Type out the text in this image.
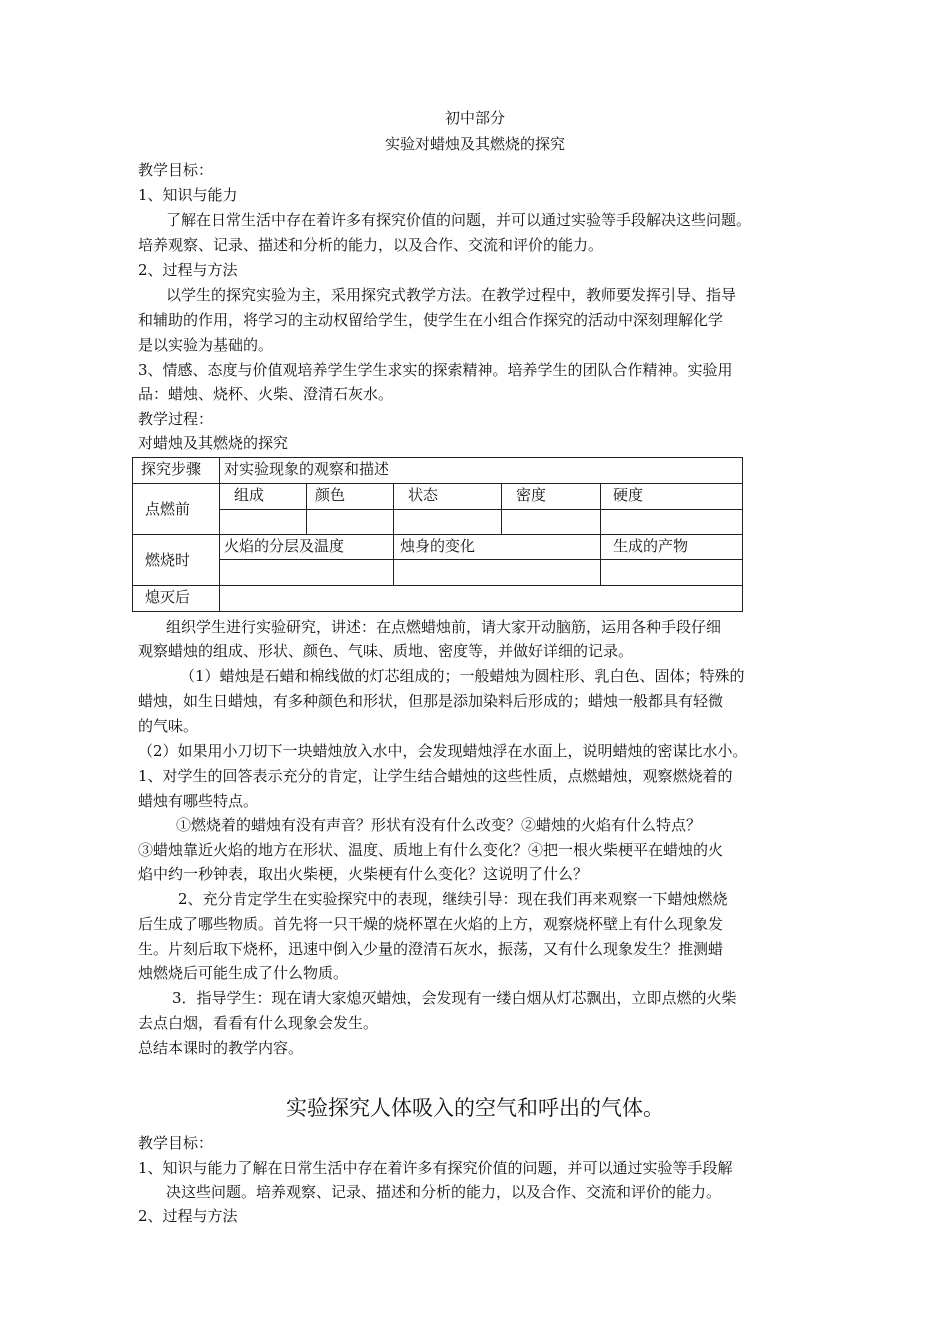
初中部分
实验对蜡烛及其燃烧的探究
教学目标：
1、知识与能力
了解在日常生活中存在着许多有探究价值的问题，并可以通过实验等手段解决这些问题。
培养观察、记录、描述和分析的能力，以及合作、交流和评价的能力。
2、过程与方法
以学生的探究实验为主，采用探究式教学方法。在教学过程中，教师要发挥引导、指导
和辅助的作用，将学习的主动权留给学生，使学生在小组合作探究的活动中深刻理解化学
是以实验为基础的。
3、情感、态度与价值观培养学生学生求实的探索精神。培养学生的团队合作精神。实验用
品：蜡烛、烧杯、火柴、澄清石灰水。
教学过程：
对蜡烛及其燃烧的探究
探究步骤	对实验现象的观察和描述				
点燃前	组成	颜色	状态	密度	硬度

燃烧时	火焰的分层及温度		烛身的变化		生成的产物

熄灭后					
组织学生进行实验研究，讲述：在点燃蜡烛前，请大家开动脑筋，运用各种手段仔细
观察蜡烛的组成、形状、颜色、气味、质地、密度等，并做好详细的记录。
（1）蜡烛是石蜡和棉线做的灯芯组成的；一般蜡烛为圆柱形、乳白色、固体；特殊的
蜡烛，如生日蜡烛，有多种颜色和形状，但那是添加染料后形成的；蜡烛一般都具有轻微
的气味。
（2）如果用小刀切下一块蜡烛放入水中，会发现蜡烛浮在水面上，说明蜡烛的密谋比水小。
1、对学生的回答表示充分的肯定，让学生结合蜡烛的这些性质，点燃蜡烛，观察燃烧着的
蜡烛有哪些特点。
①燃烧着的蜡烛有没有声音？形状有没有什么改变？②蜡烛的火焰有什么特点？
③蜡烛靠近火焰的地方在形状、温度、质地上有什么变化？④把一根火柴梗平在蜡烛的火
焰中约一秒钟表，取出火柴梗，火柴梗有什么变化？这说明了什么？
2、充分肯定学生在实验探究中的表现，继续引导：现在我们再来观察一下蜡烛燃烧
后生成了哪些物质。首先将一只干燥的烧杯罩在火焰的上方，观察烧杯壁上有什么现象发
生。片刻后取下烧杯，迅速中倒入少量的澄清石灰水，振荡，又有什么现象发生？推测蜡
烛燃烧后可能生成了什么物质。
3．指导学生：现在请大家熄灭蜡烛，会发现有一缕白烟从灯芯飘出，立即点燃的火柴
去点白烟，看看有什么现象会发生。
总结本课时的教学内容。
实验探究人体吸入的空气和呼出的气体。
教学目标：
1、知识与能力了解在日常生活中存在着许多有探究价值的问题，并可以通过实验等手段解
决这些问题。培养观察、记录、描述和分析的能力，以及合作、交流和评价的能力。
2、过程与方法
